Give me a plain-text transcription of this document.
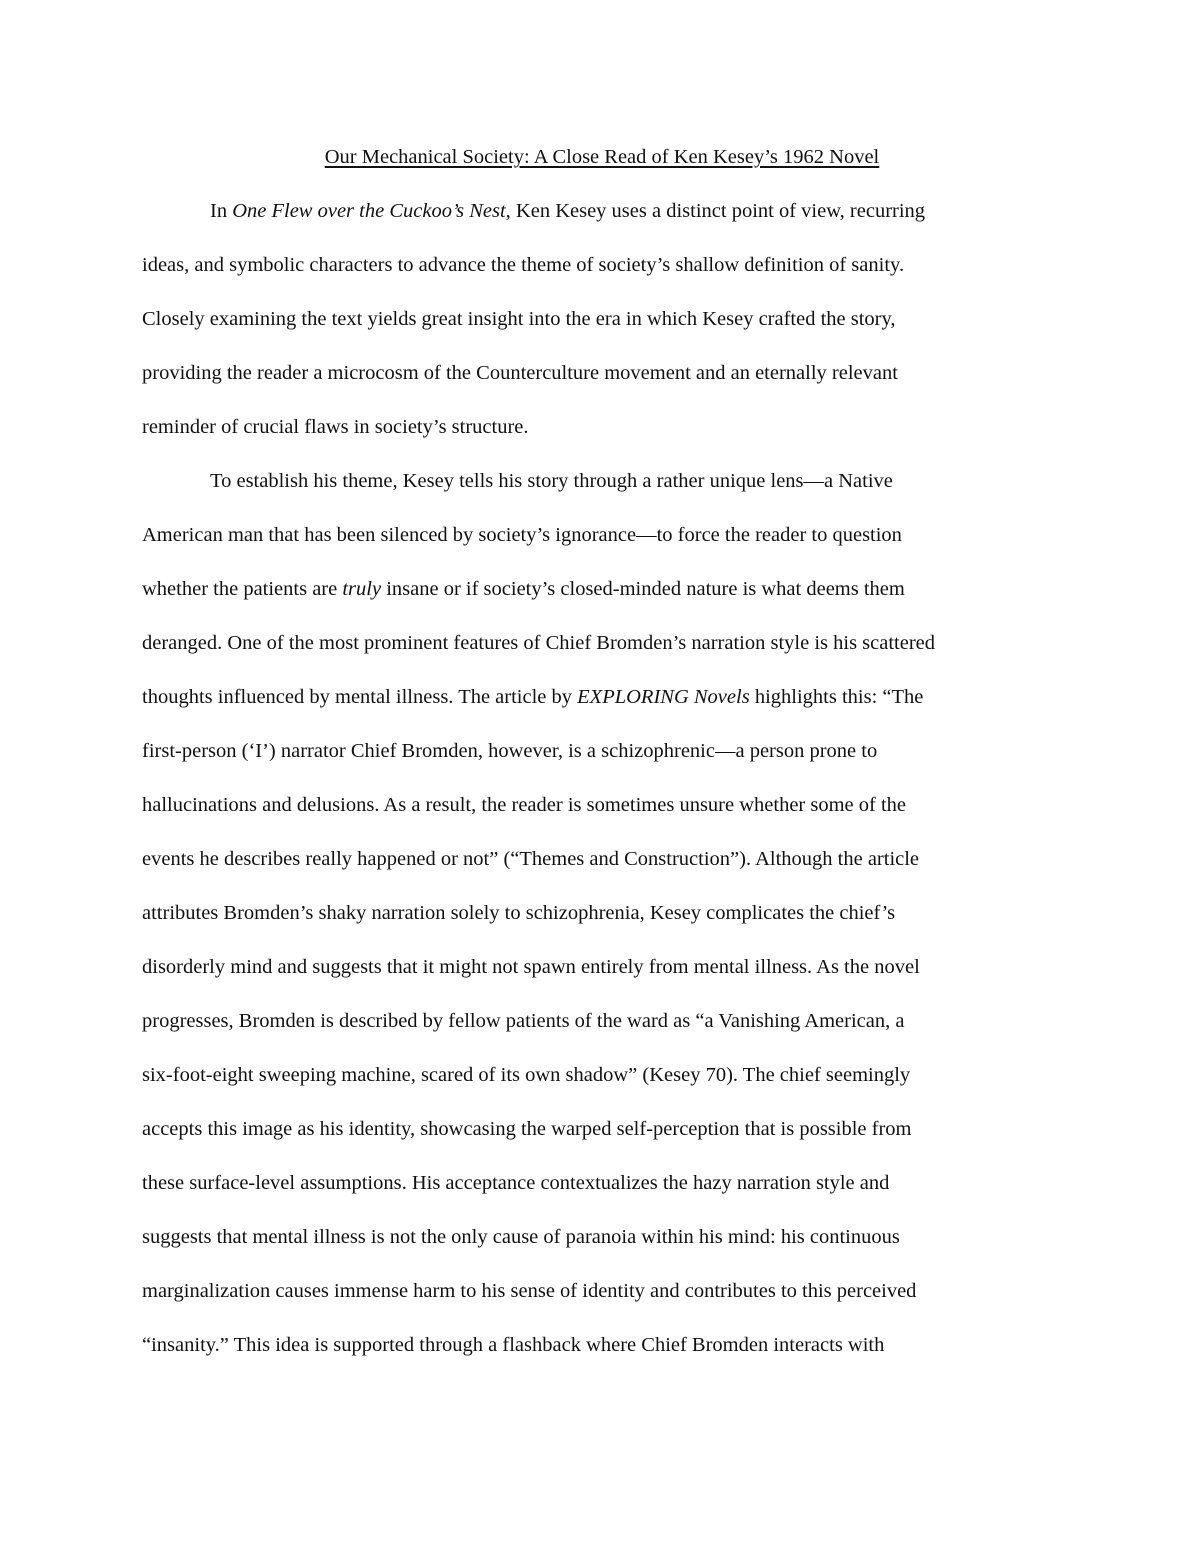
Our Mechanical Society: A Close Read of Ken Kesey’s 1962 Novel
In One Flew over the Cuckoo’s Nest, Ken Kesey uses a distinct point of view, recurring
ideas, and symbolic characters to advance the theme of society’s shallow definition of sanity.
Closely examining the text yields great insight into the era in which Kesey crafted the story,
providing the reader a microcosm of the Counterculture movement and an eternally relevant
reminder of crucial flaws in society’s structure.
To establish his theme, Kesey tells his story through a rather unique lens—a Native
American man that has been silenced by society’s ignorance—to force the reader to question
whether the patients are truly insane or if society’s closed-minded nature is what deems them
deranged. One of the most prominent features of Chief Bromden’s narration style is his scattered
thoughts influenced by mental illness. The article by EXPLORING Novels highlights this: “The
first-person (‘I’) narrator Chief Bromden, however, is a schizophrenic—a person prone to
hallucinations and delusions. As a result, the reader is sometimes unsure whether some of the
events he describes really happened or not” (“Themes and Construction”). Although the article
attributes Bromden’s shaky narration solely to schizophrenia, Kesey complicates the chief’s
disorderly mind and suggests that it might not spawn entirely from mental illness. As the novel
progresses, Bromden is described by fellow patients of the ward as “a Vanishing American, a
six-foot-eight sweeping machine, scared of its own shadow” (Kesey 70). The chief seemingly
accepts this image as his identity, showcasing the warped self-perception that is possible from
these surface-level assumptions. His acceptance contextualizes the hazy narration style and
suggests that mental illness is not the only cause of paranoia within his mind: his continuous
marginalization causes immense harm to his sense of identity and contributes to this perceived
“insanity.” This idea is supported through a flashback where Chief Bromden interacts with
